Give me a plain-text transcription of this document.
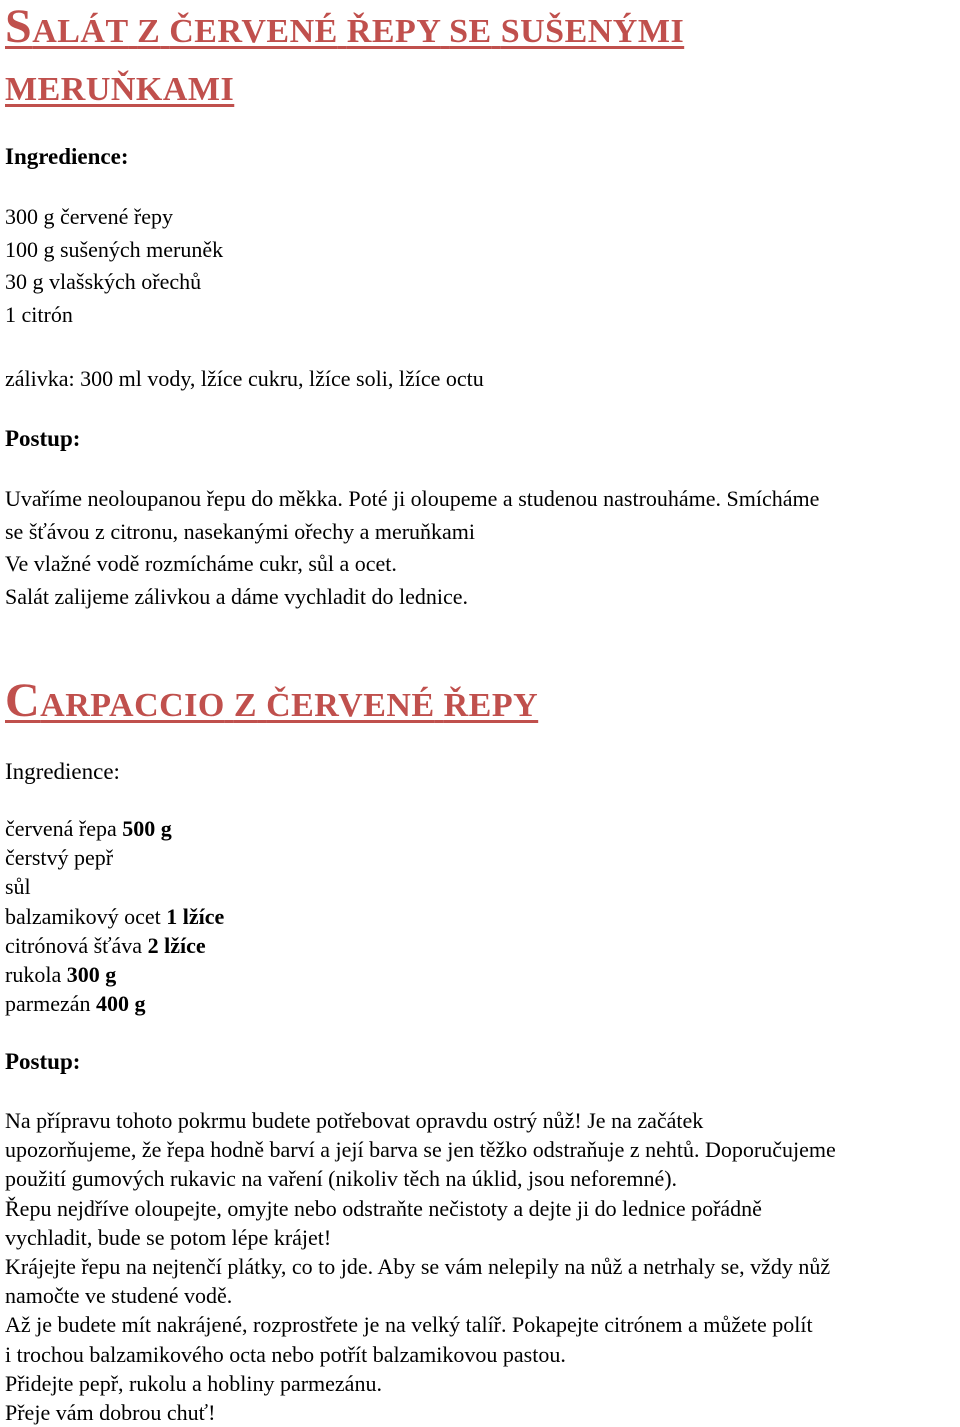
SALÁT Z ČERVENÉ ŘEPY SE SUŠENÝMI
MERUŇKAMI
Ingredience:
300 g červené řepy
100 g sušených meruněk
30 g vlašských ořechů
1 citrón
zálivka: 300 ml vody, lžíce cukru, lžíce soli, lžíce octu
Postup:
Uvaříme neoloupanou řepu do měkka. Poté ji oloupeme a studenou nastrouháme. Smícháme
se šťávou z citronu, nasekanými ořechy a meruňkami
Ve vlažné vodě rozmícháme cukr, sůl a ocet.
Salát zalijeme zálivkou a dáme vychladit do lednice.
CARPACCIO Z ČERVENÉ ŘEPY
Ingredience:
červená řepa 500 g
čerstvý pepř
sůl
balzamikový ocet 1 lžíce
citrónová šťáva 2 lžíce
rukola 300 g
parmezán 400 g
Postup:
Na přípravu tohoto pokrmu budete potřebovat opravdu ostrý nůž! Je na začátek
upozorňujeme, že řepa hodně barví a její barva se jen těžko odstraňuje z nehtů. Doporučujeme
použití gumových rukavic na vaření (nikoliv těch na úklid, jsou neforemné).
Řepu nejdříve oloupejte, omyjte nebo odstraňte nečistoty a dejte ji do lednice pořádně
vychladit, bude se potom lépe krájet!
Krájejte řepu na nejtenčí plátky, co to jde. Aby se vám nelepily na nůž a netrhaly se, vždy nůž
namočte ve studené vodě.
Až je budete mít nakrájené, rozprostřete je na velký talíř. Pokapejte citrónem a můžete polít
i trochou balzamikového octa nebo potřít balzamikovou pastou.
Přidejte pepř, rukolu a hobliny parmezánu.
Přeje vám dobrou chuť!
